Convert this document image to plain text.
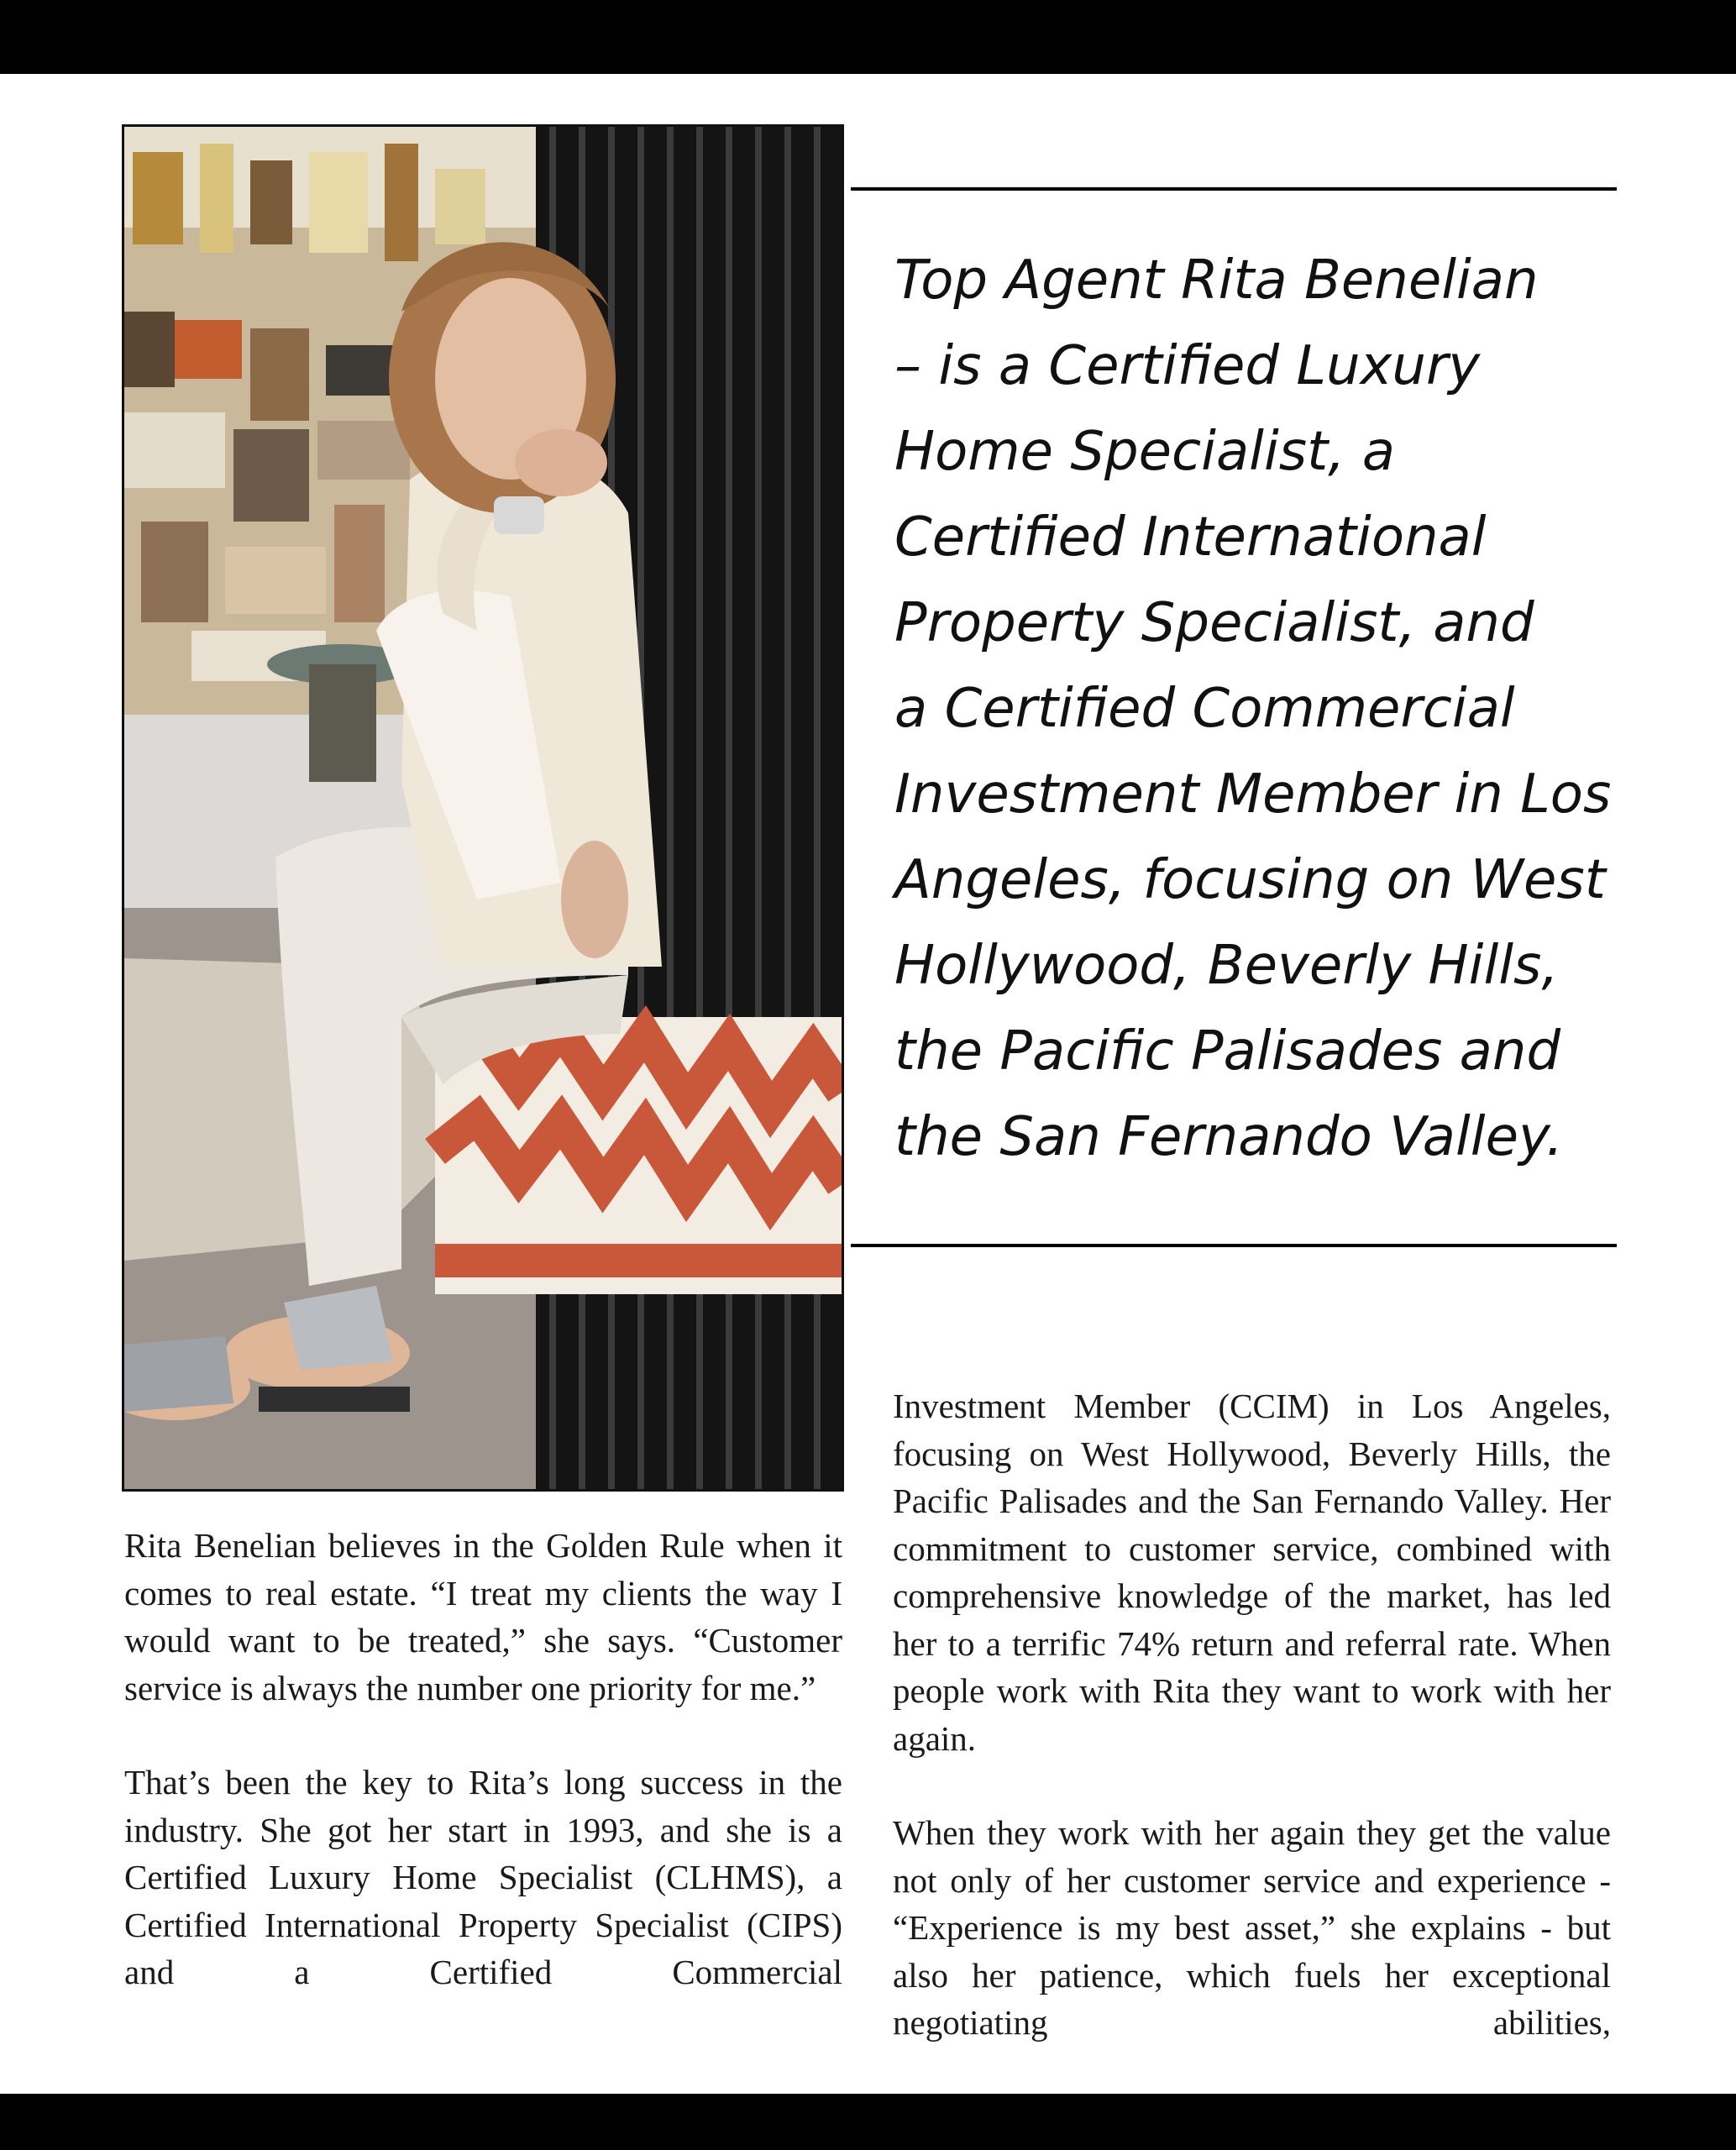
Top Agent Rita Benelian
– is a Certified Luxury
Home Specialist, a
Certified International
Property Specialist, and
a Certified Commercial
Investment Member in Los
Angeles, focusing on West
Hollywood, Beverly Hills,
the Pacific Palisades and
the San Fernando Valley.

Rita Benelian believes in the Golden Rule when it comes to real estate. “I treat my clients the way I would want to be treated,” she says. “Customer service is always the number one priority for me.”

That’s been the key to Rita’s long success in the industry. She got her start in 1993, and she is a Certified Luxury Home Specialist (CLHMS), a Certified International Property Specialist (CIPS) and a Certified Commercial

Investment Member (CCIM) in Los Angeles, focusing on West Hollywood, Beverly Hills, the Pacific Palisades and the San Fernando Valley. Her commitment to customer service, combined with comprehensive knowledge of the market, has led her to a terrific 74% return and referral rate. When people work with Rita they want to work with her again.

When they work with her again they get the value not only of her customer service and experience - “Experience is my best asset,” she explains - but also her patience, which fuels her exceptional negotiating abilities,
